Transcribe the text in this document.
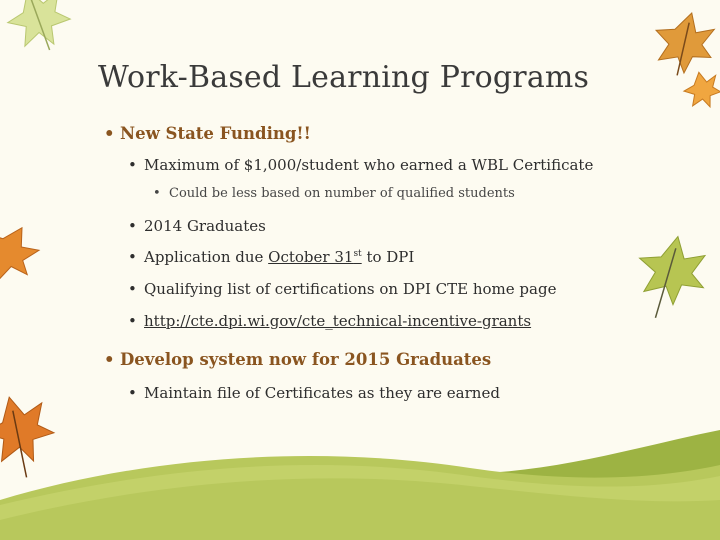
Work-Based Learning Programs
• New State Funding!!
• Maximum of $1,000/student who earned a WBL Certificate
• Could be less based on number of qualified students
• 2014 Graduates
• Application due October 31st to DPI
• Qualifying list of certifications on DPI CTE home page
• http://cte.dpi.wi.gov/cte_technical-incentive-grants
• Develop system now for 2015 Graduates
• Maintain file of Certificates as they are earned
